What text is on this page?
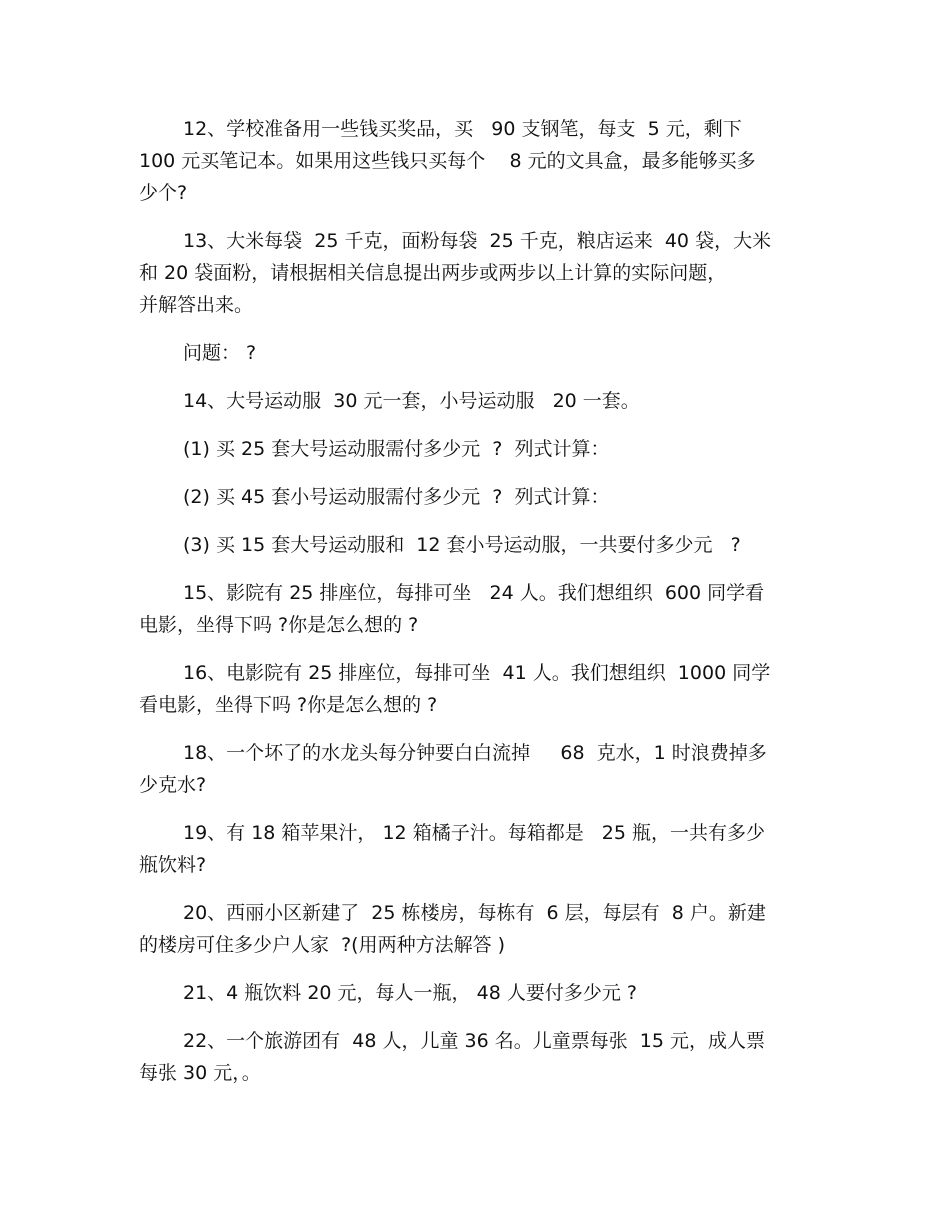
12、学校准备用一些钱买奖品，买   90 支钢笔，每支  5 元，剩下
100 元买笔记本。如果用这些钱只买每个    8 元的文具盒，最多能够买多
少个?

13、大米每袋  25 千克，面粉每袋  25 千克，粮店运来  40 袋，大米
和 20 袋面粉，请根据相关信息提出两步或两步以上计算的实际问题，
并解答出来。

问题： ?

14、大号运动服  30 元一套，小号运动服   20 一套。

(1) 买 25 套大号运动服需付多少元  ?  列式计算：

(2) 买 45 套小号运动服需付多少元  ?  列式计算：

(3) 买 15 套大号运动服和  12 套小号运动服，一共要付多少元   ?

15、影院有 25 排座位，每排可坐   24 人。我们想组织  600 同学看
电影，坐得下吗 ?你是怎么想的 ?

16、电影院有 25 排座位，每排可坐  41 人。我们想组织  1000 同学
看电影，坐得下吗 ?你是怎么想的 ?

18、一个坏了的水龙头每分钟要白白流掉     68  克水，1 时浪费掉多
少克水?

19、有 18 箱苹果汁， 12 箱橘子汁。每箱都是   25 瓶，一共有多少
瓶饮料?

20、西丽小区新建了  25 栋楼房，每栋有  6 层，每层有  8 户。新建
的楼房可住多少户人家  ?(用两种方法解答 )

21、4 瓶饮料 20 元，每人一瓶， 48 人要付多少元 ?

22、一个旅游团有  48 人，儿童 36 名。儿童票每张  15 元，成人票
每张 30 元，。
